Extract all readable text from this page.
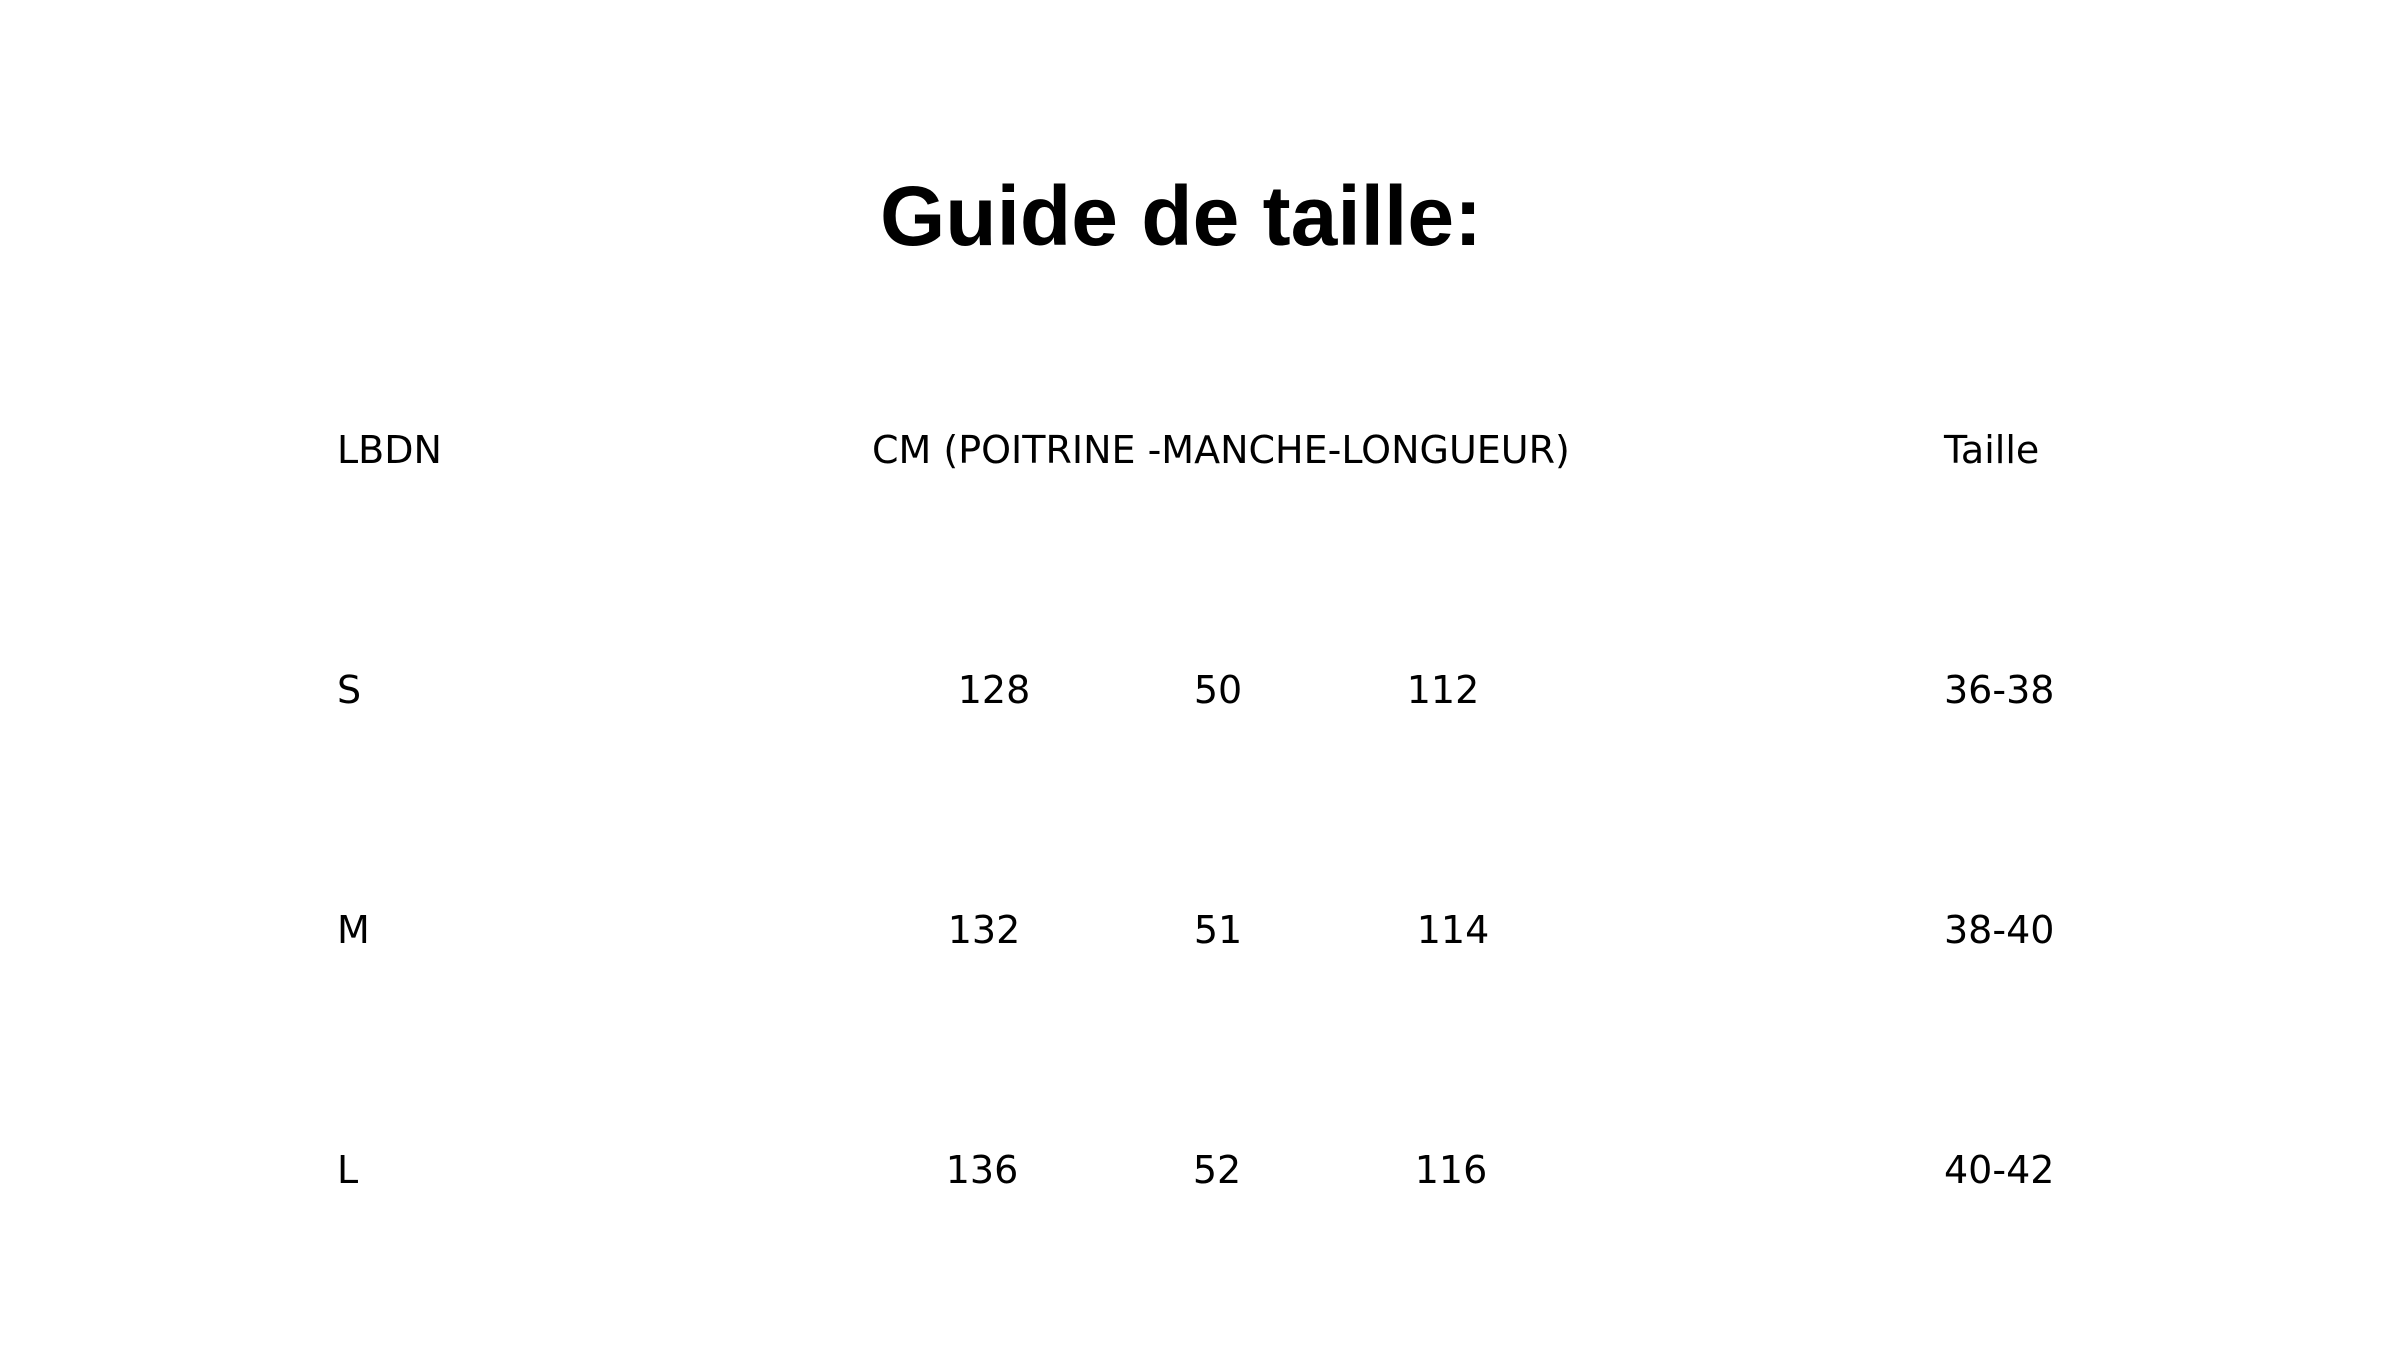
Guide de taille:
LBDN	CM (POITRINE -MANCHE-LONGUEUR)	Taille
S	128	50	112	36-38
M	132	51	114	38-40
L	136	52	116	40-42
